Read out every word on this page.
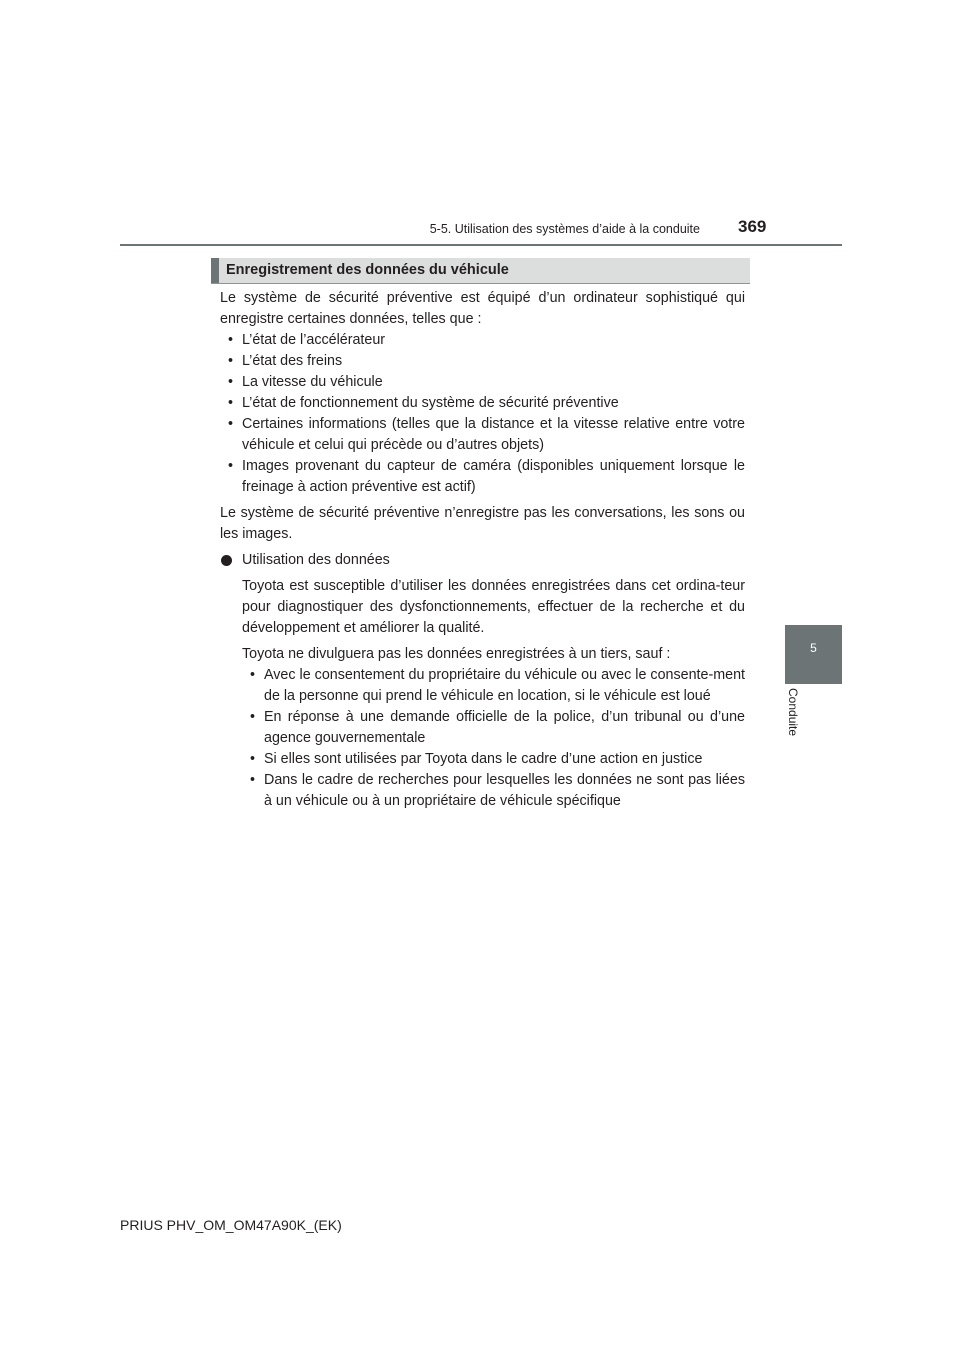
5-5. Utilisation des systèmes d’aide à la conduite 369
5
Conduite
Enregistrement des données du véhicule

Le système de sécurité préventive est équipé d’un ordinateur sophistiqué qui enregistre certaines données, telles que :

• L’état de l’accélérateur
• L’état des freins
• La vitesse du véhicule
• L’état de fonctionnement du système de sécurité préventive
• Certaines informations (telles que la distance et la vitesse relative entre votre véhicule et celui qui précède ou d’autres objets)
• Images provenant du capteur de caméra (disponibles uniquement lorsque le freinage à action préventive est actif)

Le système de sécurité préventive n’enregistre pas les conversations, les sons ou les images.

Utilisation des données

Toyota est susceptible d’utiliser les données enregistrées dans cet ordina-teur pour diagnostiquer des dysfonctionnements, effectuer de la recherche et du développement et améliorer la qualité.

Toyota ne divulguera pas les données enregistrées à un tiers, sauf :

• Avec le consentement du propriétaire du véhicule ou avec le consente-ment de la personne qui prend le véhicule en location, si le véhicule est loué
• En réponse à une demande officielle de la police, d’un tribunal ou d’une agence gouvernementale
• Si elles sont utilisées par Toyota dans le cadre d’une action en justice
• Dans le cadre de recherches pour lesquelles les données ne sont pas liées à un véhicule ou à un propriétaire de véhicule spécifique
PRIUS PHV_OM_OM47A90K_(EK)
